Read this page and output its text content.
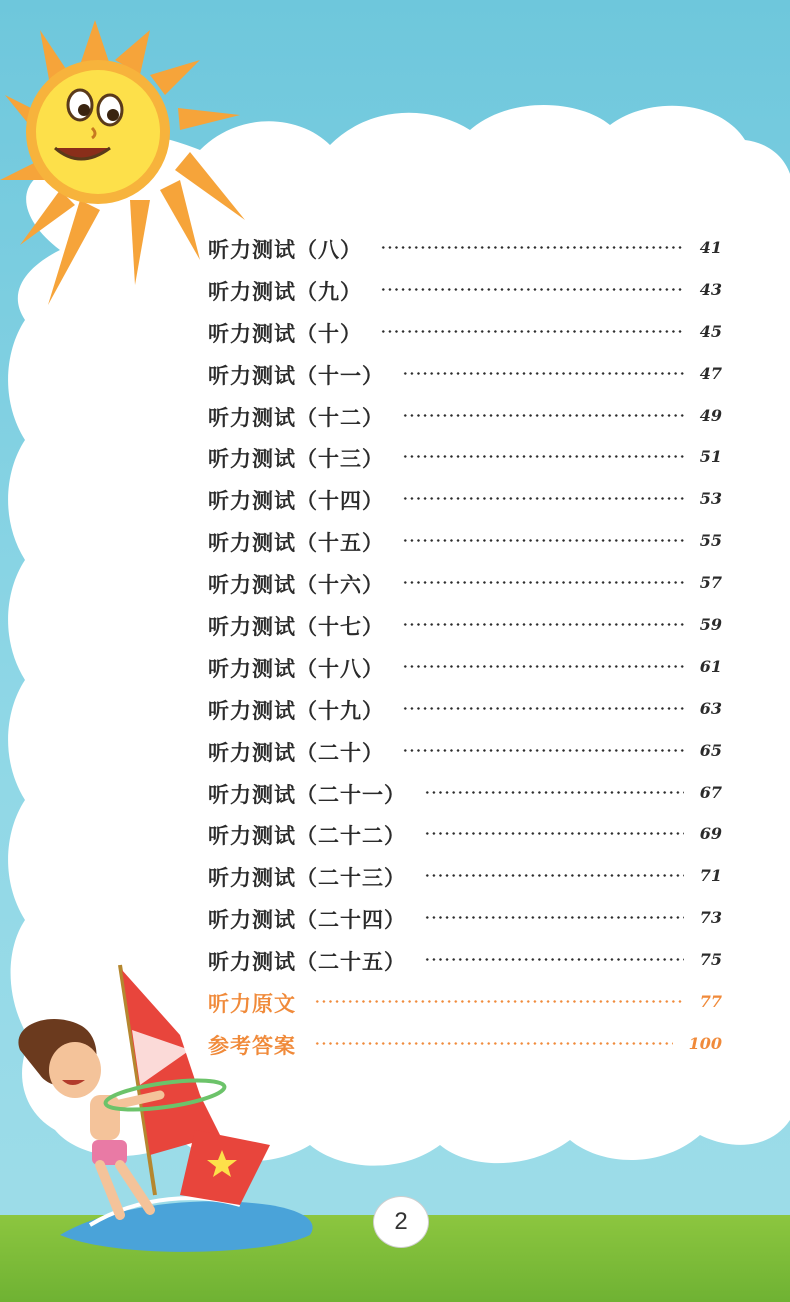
听力测试（八）	41
听力测试（九）	43
听力测试（十）	45
听力测试（十一）	47
听力测试（十二）	49
听力测试（十三）	51
听力测试（十四）	53
听力测试（十五）	55
听力测试（十六）	57
听力测试（十七）	59
听力测试（十八）	61
听力测试（十九）	63
听力测试（二十）	65
听力测试（二十一）	67
听力测试（二十二）	69
听力测试（二十三）	71
听力测试（二十四）	73
听力测试（二十五）	75
听力原文	77
参考答案	100
2
